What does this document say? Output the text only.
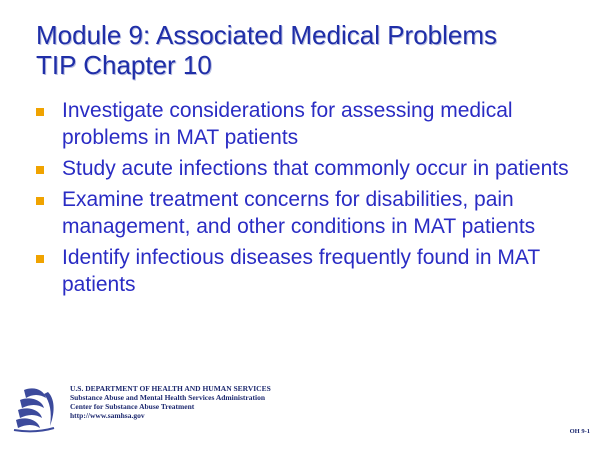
Module 9: Associated Medical Problems
TIP Chapter 10
Investigate considerations for assessing medical problems in MAT patients
Study acute infections that commonly occur in patients
Examine treatment concerns for disabilities, pain management, and other conditions in MAT patients
Identify infectious diseases frequently found in MAT patients
U.S. DEPARTMENT OF HEALTH AND HUMAN SERVICES
Substance Abuse and Mental Health Services Administration
Center for Substance Abuse Treatment
http://www.samhsa.gov
OH 9-1
